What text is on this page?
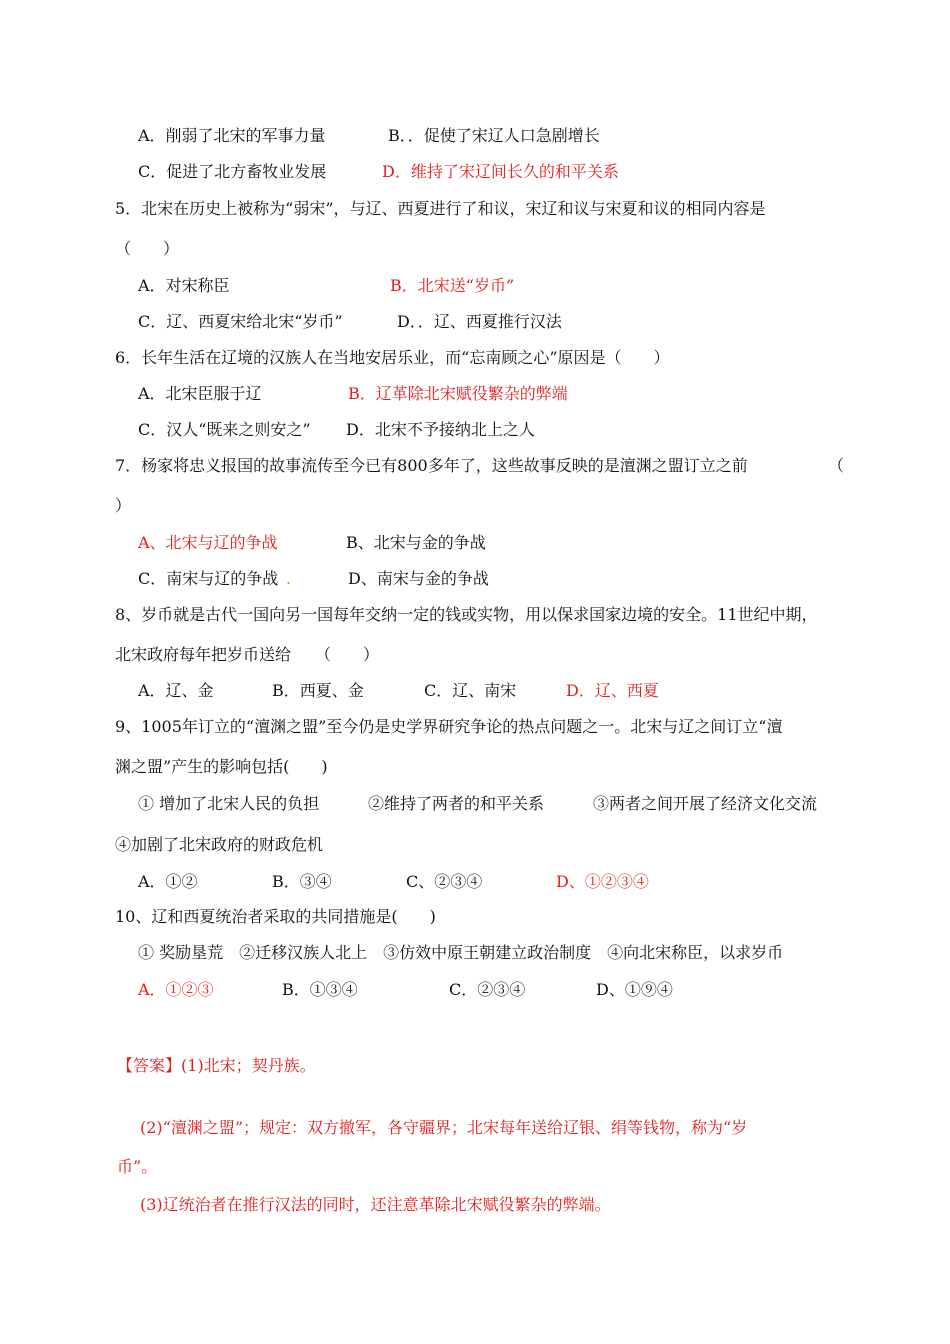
A．削弱了北宋的军事力量	B．．促使了宋辽人口急剧增长
C．促进了北方畜牧业发展	D．维持了宋辽间长久的和平关系
5．北宋在历史上被称为“弱宋”，与辽、西夏进行了和议，宋辽和议与宋夏和议的相同内容是
（　　）
A．对宋称臣	B．北宋送“岁币”
C．辽、西夏宋给北宋“岁币”	D．．辽、西夏推行汉法
6．长年生活在辽境的汉族人在当地安居乐业，而“忘南顾之心”原因是（　　）
A．北宋臣服于辽	B．辽革除北宋赋役繁杂的弊端
C．汉人“既来之则安之” D．北宋不予接纳北上之人
7．杨家将忠义报国的故事流传至今已有800多年了，这些故事反映的是澶渊之盟订立之前	（
）
A、北宋与辽的争战	B、北宋与金的争战
C．南宋与辽的争战 .	D、南宋与金的争战
8、岁币就是古代一国向另一国每年交纳一定的钱或实物，用以保求国家边境的安全。11世纪中期，
北宋政府每年把岁币送给　　（　　）
A．辽、金	B．西夏、金	C．辽、南宋	D．辽、西夏
9、1005年订立的“澶渊之盟”至今仍是史学界研究争论的热点问题之一。北宋与辽之间订立“澶
渊之盟”产生的影响包括(　　)
① 增加了北宋人民的负担	②维持了两者的和平关系	③两者之间开展了经济文化交流
④加剧了北宋政府的财政危机
A．①②	B．③④	C、②③④	D、①②③④
10、辽和西夏统治者采取的共同措施是(　　)
① 奖励垦荒　②迁移汉族人北上　③仿效中原王朝建立政治制度　④向北宋称臣，以求岁币
A．①②③	B．①③④	C．②③④	D、①⑨④
【答案】(1)北宋；契丹族。
(2)“澶渊之盟”；规定：双方撤军，各守疆界；北宋每年送给辽银、绢等钱物，称为“岁
币”。
(3)辽统治者在推行汉法的同时，还注意革除北宋赋役繁杂的弊端。
